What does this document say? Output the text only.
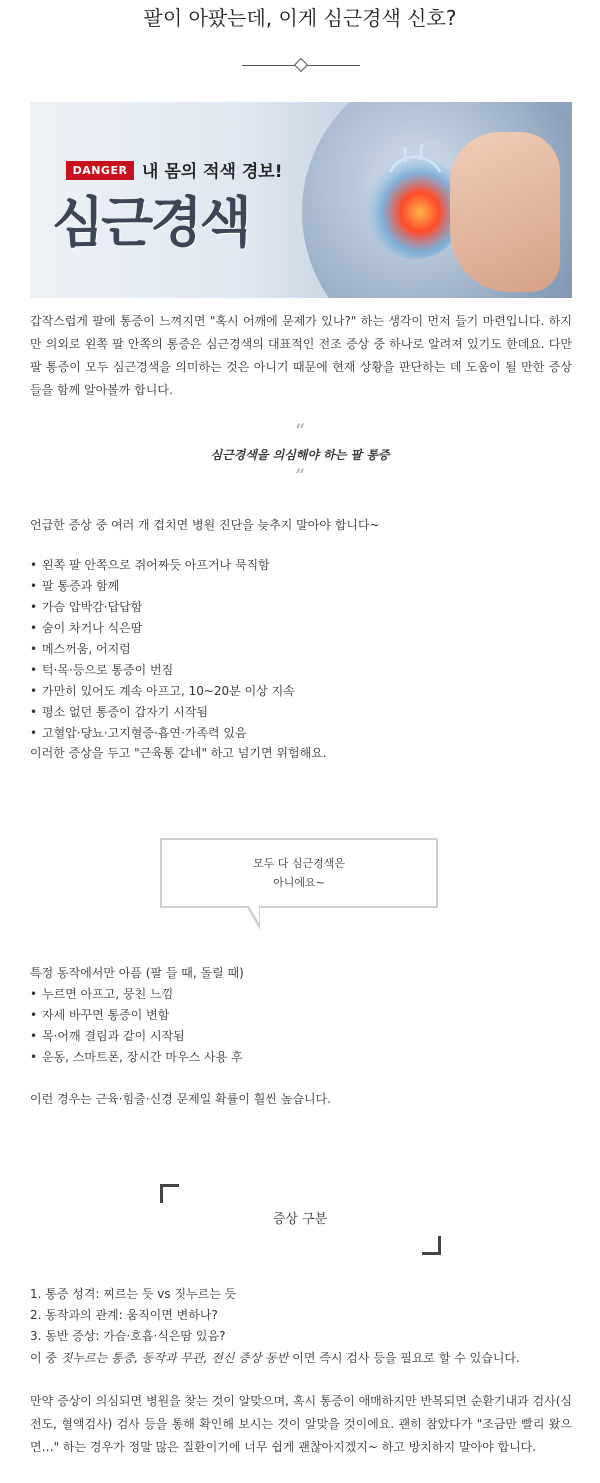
팔이 아팠는데, 이게 심근경색 신호?
DANGER 내 몸의 적색 경보!
심근경색

갑작스럽게 팔에 통증이 느껴지면 "혹시 어깨에 문제가 있나?" 하는 생각이 먼저 들기 마련입니다. 하지만 의외로 왼쪽 팔 안쪽의 통증은 심근경색의 대표적인 전조 증상 중 하나로 알려져 있기도 한데요. 다만 팔 통증이 모두 심근경색을 의미하는 것은 아니기 때문에 현재 상황을 판단하는 데 도움이 될 만한 증상들을 함께 알아볼까 합니다.

“
심근경색을 의심해야 하는 팔 통증
”
언급한 증상 중 여러 개 겹치면 병원 진단을 늦추지 말아야 합니다~
• 왼쪽 팔 안쪽으로 쥐어짜듯 아프거나 묵직함
• 팔 통증과 함께
• 가슴 압박감·답답함
• 숨이 차거나 식은땀
• 메스꺼움, 어지럼
• 턱·목·등으로 통증이 번짐
• 가만히 있어도 계속 아프고, 10~20분 이상 지속
• 평소 없던 통증이 갑자기 시작됨
• 고혈압·당뇨·고지혈증·흡연·가족력 있음
이러한 증상을 두고 "근육통 같네" 하고 넘기면 위험해요.
모두 다 심근경색은
아니에요~
특정 동작에서만 아픔 (팔 들 때, 돌릴 때)
• 누르면 아프고, 뭉친 느낌
• 자세 바꾸면 통증이 변함
• 목·어깨 결림과 같이 시작됨
• 운동, 스마트폰, 장시간 마우스 사용 후
이런 경우는 근육·힘줄·신경 문제일 확률이 훨씬 높습니다.
증상 구분
1. 통증 성격: 찌르는 듯 vs 짓누르는 듯
2. 동작과의 관계: 움직이면 변하나?
3. 동반 증상: 가슴·호흡·식은땀 있음?
이 중 짓누르는 통증, 동작과 무관, 전신 증상 동반 이면 즉시 검사 등을 필요로 할 수 있습니다.

만약 증상이 의심되면 병원을 찾는 것이 알맞으며, 혹시 통증이 애매하지만 반복되면 순환기내과 검사(심전도, 혈액검사) 검사 등을 통해 확인해 보시는 것이 알맞을 것이에요. 괜히 참았다가 "조금만 빨리 왔으면…" 하는 경우가 정말 많은 질환이기에 너무 쉽게 괜찮아지겠지~ 하고 방치하지 말아야 합니다.
